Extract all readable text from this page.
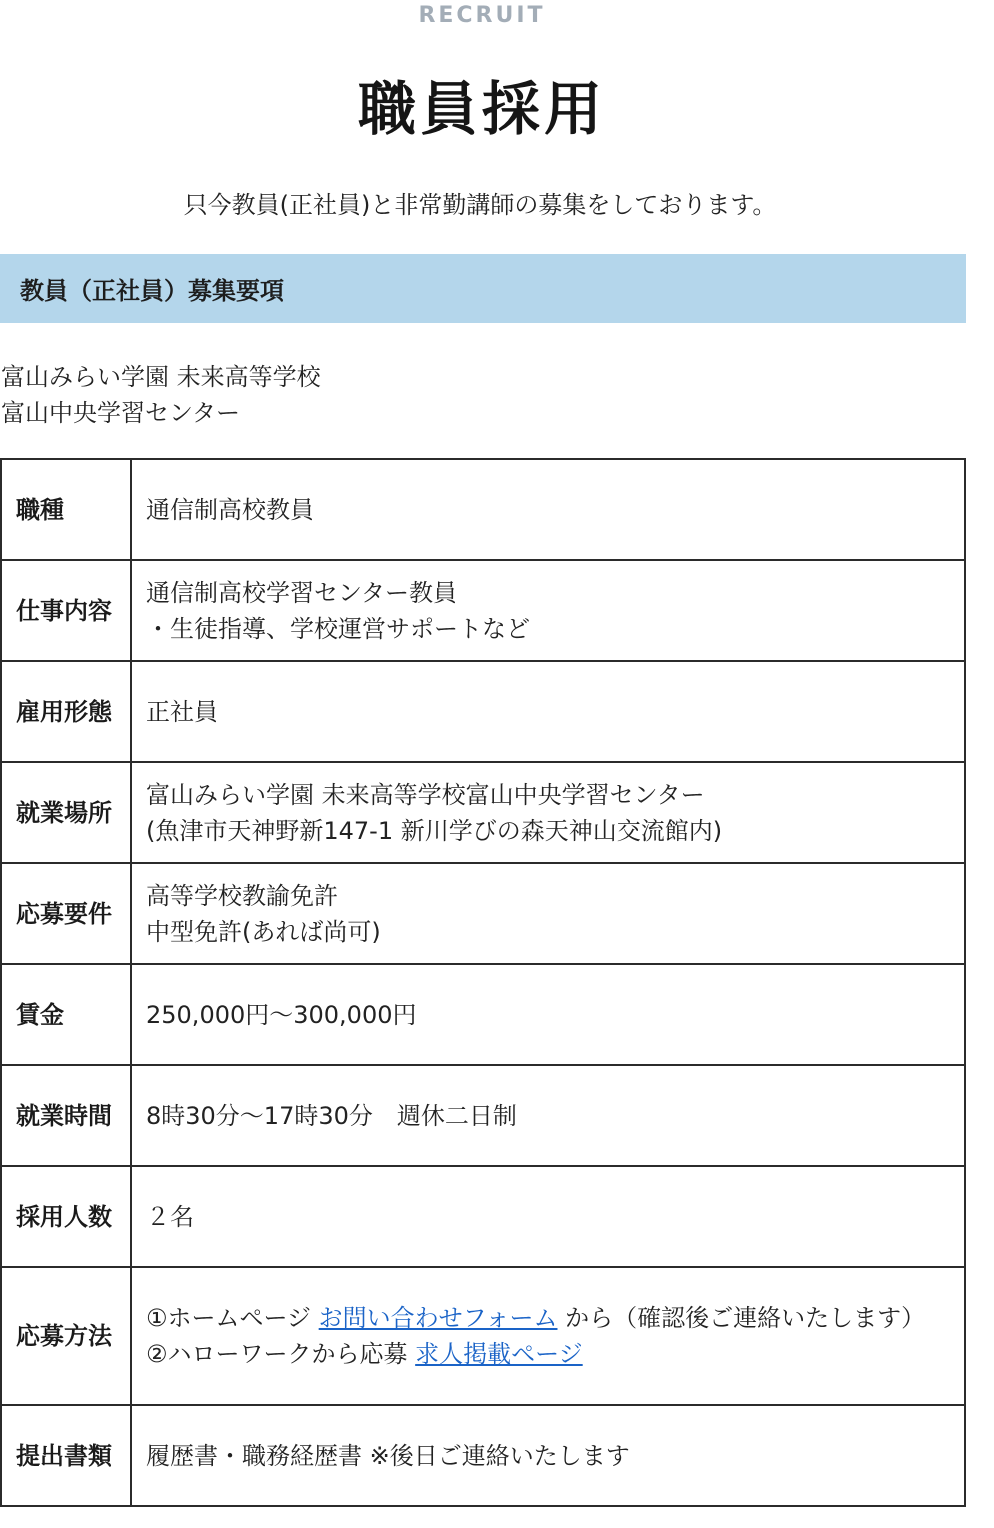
RECRUIT
職員採用
只今教員(正社員)と非常勤講師の募集をしております。
教員（正社員）募集要項
富山みらい学園 未来高等学校
富山中央学習センター
職種	通信制高校教員
仕事内容	通信制高校学習センター教員
・生徒指導、学校運営サポートなど

雇用形態	正社員
就業場所	富山みらい学園 未来高等学校富山中央学習センター
(魚津市天神野新147-1 新川学びの森天神山交流館内)

応募要件	高等学校教諭免許
中型免許(あれば尚可)

賃金	250,000円～300,000円
就業時間	8時30分～17時30分　週休二日制
採用人数	２名
応募方法	①ホームページ お問い合わせフォーム から（確認後ご連絡いたします）
②ハローワークから応募 求人掲載ページ

提出書類	履歴書・職務経歴書 ※後日ご連絡いたします
